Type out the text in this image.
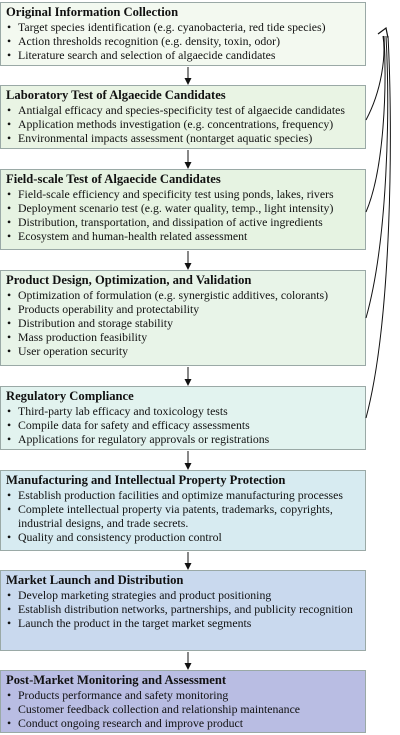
Original Information Collection
• Target species identification (e.g. cyanobacteria, red tide species)
• Action thresholds recognition (e.g. density, toxin, odor)
• Literature search and selection of algaecide candidates
Laboratory Test of Algaecide Candidates
• Antialgal efficacy and species-specificity test of algaecide candidates
• Application methods investigation (e.g. concentrations, frequency)
• Environmental impacts assessment (nontarget aquatic species)
Field-scale Test of Algaecide Candidates
• Field-scale efficiency and specificity test using ponds, lakes, rivers
• Deployment scenario test (e.g. water quality, temp., light intensity)
• Distribution, transportation, and dissipation of active ingredients
• Ecosystem and human-health related assessment
Product Design, Optimization, and Validation
• Optimization of formulation (e.g. synergistic additives, colorants)
• Products operability and protectability
• Distribution and storage stability
• Mass production feasibility
• User operation security
Regulatory Compliance
• Third-party lab efficacy and toxicology tests
• Compile data for safety and efficacy assessments
• Applications for regulatory approvals or registrations
Manufacturing and Intellectual Property Protection
• Establish production facilities and optimize manufacturing processes
• Complete intellectual property via patents, trademarks, copyrights, industrial designs, and trade secrets.
• Quality and consistency production control
Market Launch and Distribution
• Develop marketing strategies and product positioning
• Establish distribution networks, partnerships, and publicity recognition
• Launch the product in the target market segments
Post-Market Monitoring and Assessment
• Products performance and safety monitoring
• Customer feedback collection and relationship maintenance
• Conduct ongoing research and improve product
